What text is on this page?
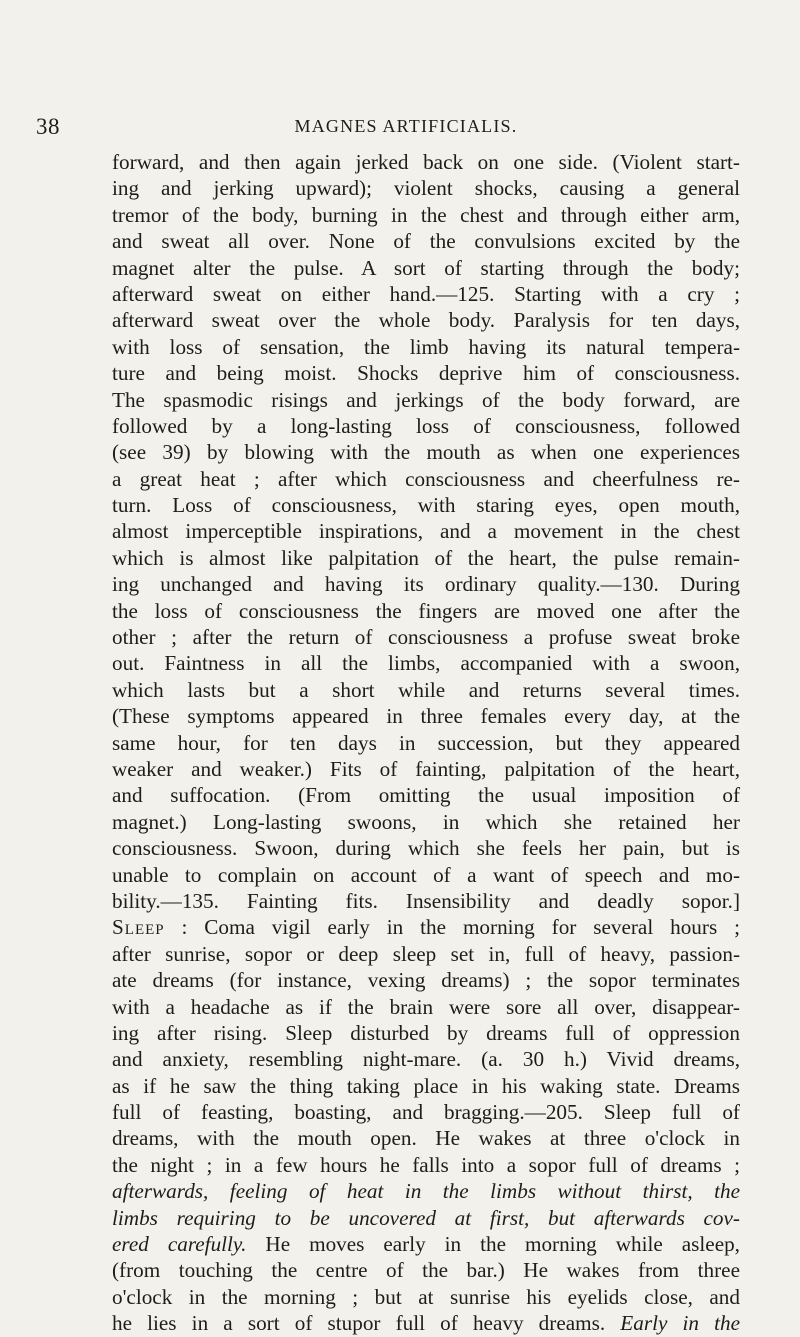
38	MAGNES ARTIFICIALIS.
forward, and then again jerked back on one side. (Violent start-
ing and jerking upward); violent shocks, causing a general
tremor of the body, burning in the chest and through either arm,
and sweat all over. None of the convulsions excited by the
magnet alter the pulse. A sort of starting through the body;
afterward sweat on either hand.—125. Starting with a cry ;
afterward sweat over the whole body. Paralysis for ten days,
with loss of sensation, the limb having its natural tempera-
ture and being moist. Shocks deprive him of consciousness.
The spasmodic risings and jerkings of the body forward, are
followed by a long-lasting loss of consciousness, followed
(see 39) by blowing with the mouth as when one experiences
a great heat ; after which consciousness and cheerfulness re-
turn. Loss of consciousness, with staring eyes, open mouth,
almost imperceptible inspirations, and a movement in the chest
which is almost like palpitation of the heart, the pulse remain-
ing unchanged and having its ordinary quality.—130. During
the loss of consciousness the fingers are moved one after the
other ; after the return of consciousness a profuse sweat broke
out. Faintness in all the limbs, accompanied with a swoon,
which lasts but a short while and returns several times.
(These symptoms appeared in three females every day, at the
same hour, for ten days in succession, but they appeared
weaker and weaker.) Fits of fainting, palpitation of the heart,
and suffocation. (From omitting the usual imposition of
magnet.) Long-lasting swoons, in which she retained her
consciousness. Swoon, during which she feels her pain, but is
unable to complain on account of a want of speech and mo-
bility.—135. Fainting fits. Insensibility and deadly sopor.]
Sleep : Coma vigil early in the morning for several hours ;
after sunrise, sopor or deep sleep set in, full of heavy, passion-
ate dreams (for instance, vexing dreams) ; the sopor terminates
with a headache as if the brain were sore all over, disappear-
ing after rising. Sleep disturbed by dreams full of oppression
and anxiety, resembling night-mare. (a. 30 h.) Vivid dreams,
as if he saw the thing taking place in his waking state. Dreams
full of feasting, boasting, and bragging.—205. Sleep full of
dreams, with the mouth open. He wakes at three o'clock in
the night ; in a few hours he falls into a sopor full of dreams ;
afterwards, feeling of heat in the limbs without thirst, the
limbs requiring to be uncovered at first, but afterwards cov-
ered carefully. He moves early in the morning while asleep,
(from touching the centre of the bar.) He wakes from three
o'clock in the morning ; but at sunrise his eyelids close, and
he lies in a sort of stupor full of heavy dreams. Early in the
